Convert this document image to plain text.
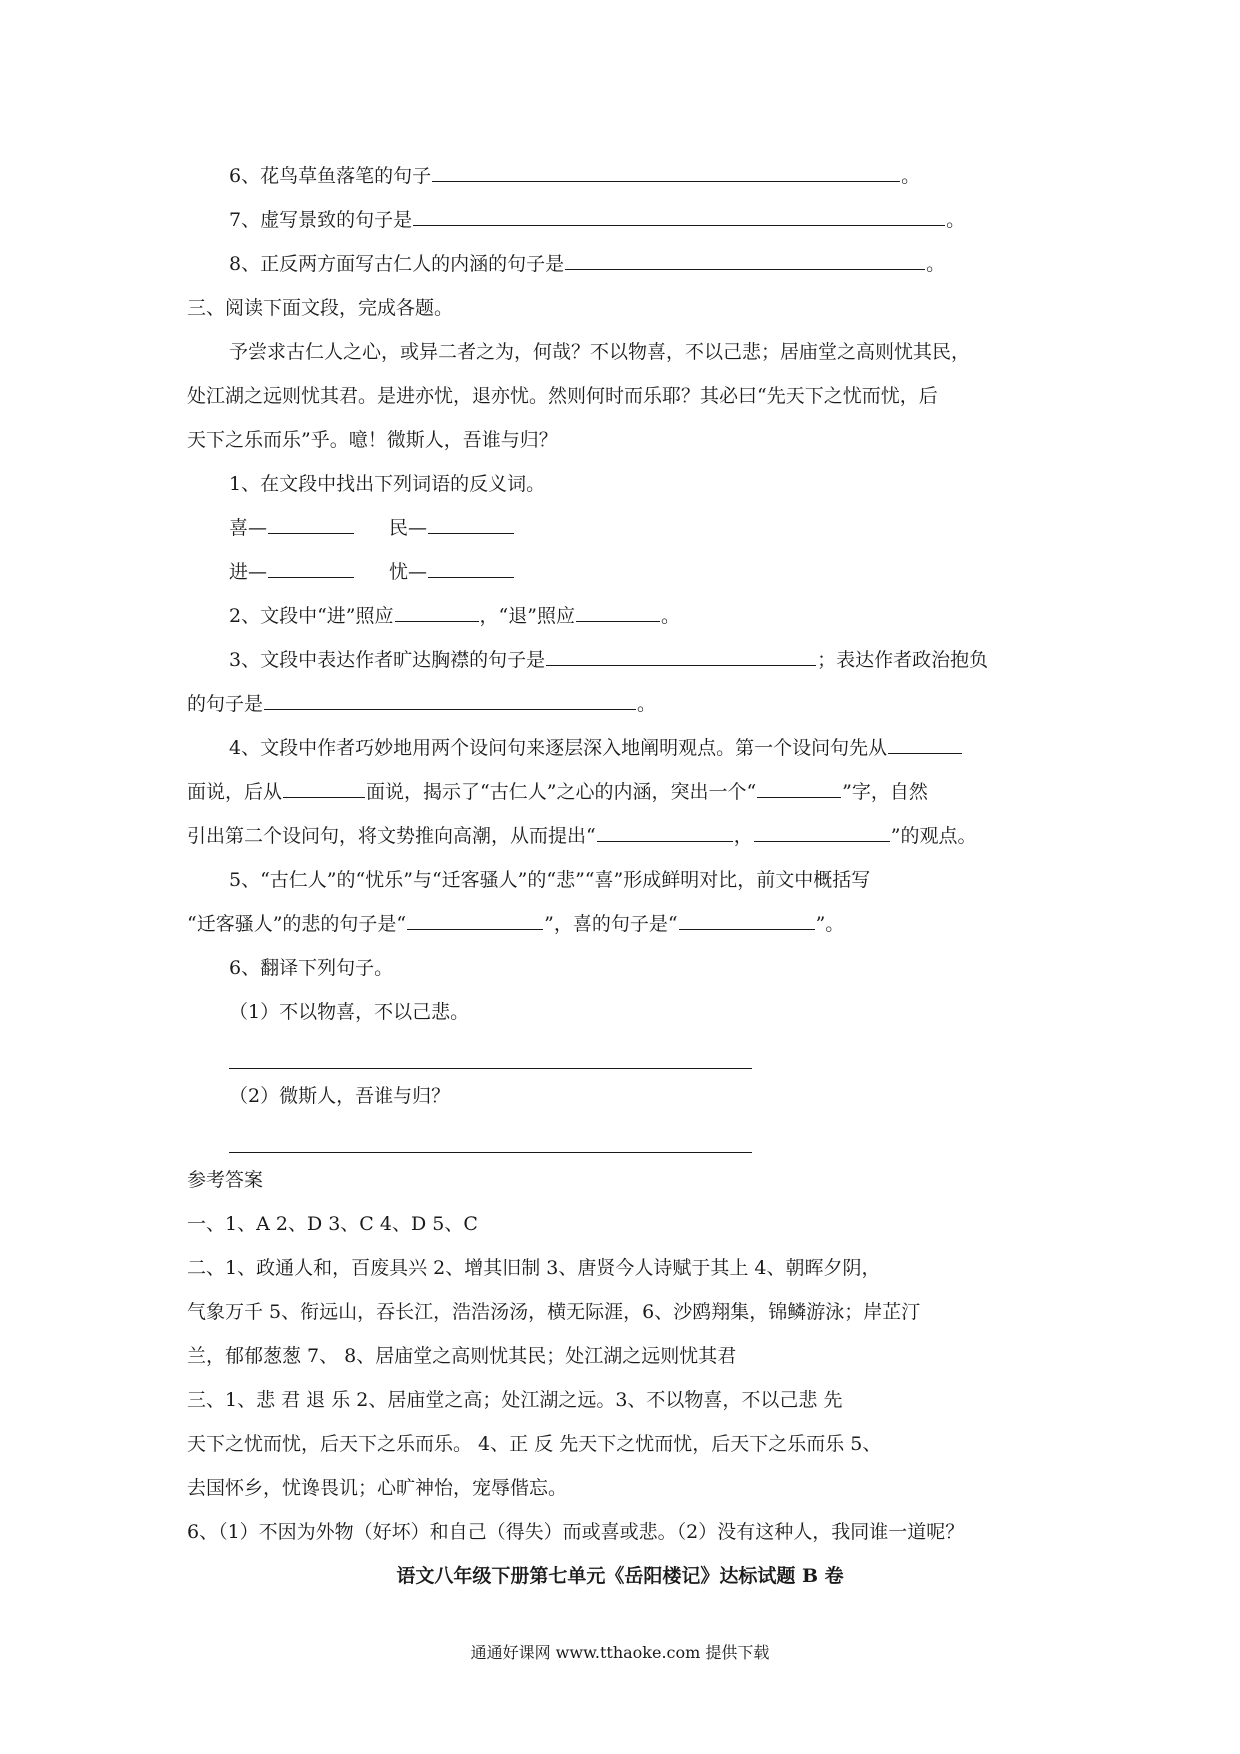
6、花鸟草鱼落笔的句子	。
7、虚写景致的句子是	。
8、正反两方面写古仁人的内涵的句子是	。
三、阅读下面文段，完成各题。
予尝求古仁人之心，或异二者之为，何哉？不以物喜，不以己悲；居庙堂之高则忧其民，
处江湖之远则忧其君。是进亦忧，退亦忧。然则何时而乐耶？其必曰“先天下之忧而忧，后
天下之乐而乐”乎。噫！微斯人，吾谁与归？
1、在文段中找出下列词语的反义词。
喜—	民—
进—	忧—
2、文段中“进”照应	，“退”照应	。
3、文段中表达作者旷达胸襟的句子是	；表达作者政治抱负
的句子是	。
4、文段中作者巧妙地用两个设问句来逐层深入地阐明观点。第一个设问句先从
面说，后从	面说，揭示了“古仁人”之心的内涵，突出一个“	”字，自然
引出第二个设问句，将文势推向高潮，从而提出“	，	”的观点。
5、“古仁人”的“忧乐”与“迁客骚人”的“悲”“喜”形成鲜明对比，前文中概括写
“迁客骚人”的悲的句子是“	”，喜的句子是“	”。
6、翻译下列句子。
（1）不以物喜，不以己悲。
（2）微斯人，吾谁与归？
参考答案
一、1、A 2、D 3、C 4、D 5、C
二、1、政通人和，百废具兴 2、增其旧制 3、唐贤今人诗赋于其上 4、朝晖夕阴，
气象万千 5、衔远山，吞长江，浩浩汤汤，横无际涯，6、沙鸥翔集，锦鳞游泳；岸芷汀
兰，郁郁葱葱 7、 8、居庙堂之高则忧其民；处江湖之远则忧其君
三、1、悲 君 退 乐 2、居庙堂之高；处江湖之远。3、不以物喜，不以己悲 先
天下之忧而忧，后天下之乐而乐。 4、正 反 先天下之忧而忧，后天下之乐而乐 5、
去国怀乡，忧谗畏讥；心旷神怡，宠辱偕忘。
6、（1）不因为外物（好坏）和自己（得失）而或喜或悲。（2）没有这种人，我同谁一道呢？
语文八年级下册第七单元《岳阳楼记》达标试题 B 卷
通通好课网 www.tthaoke.com 提供下载
